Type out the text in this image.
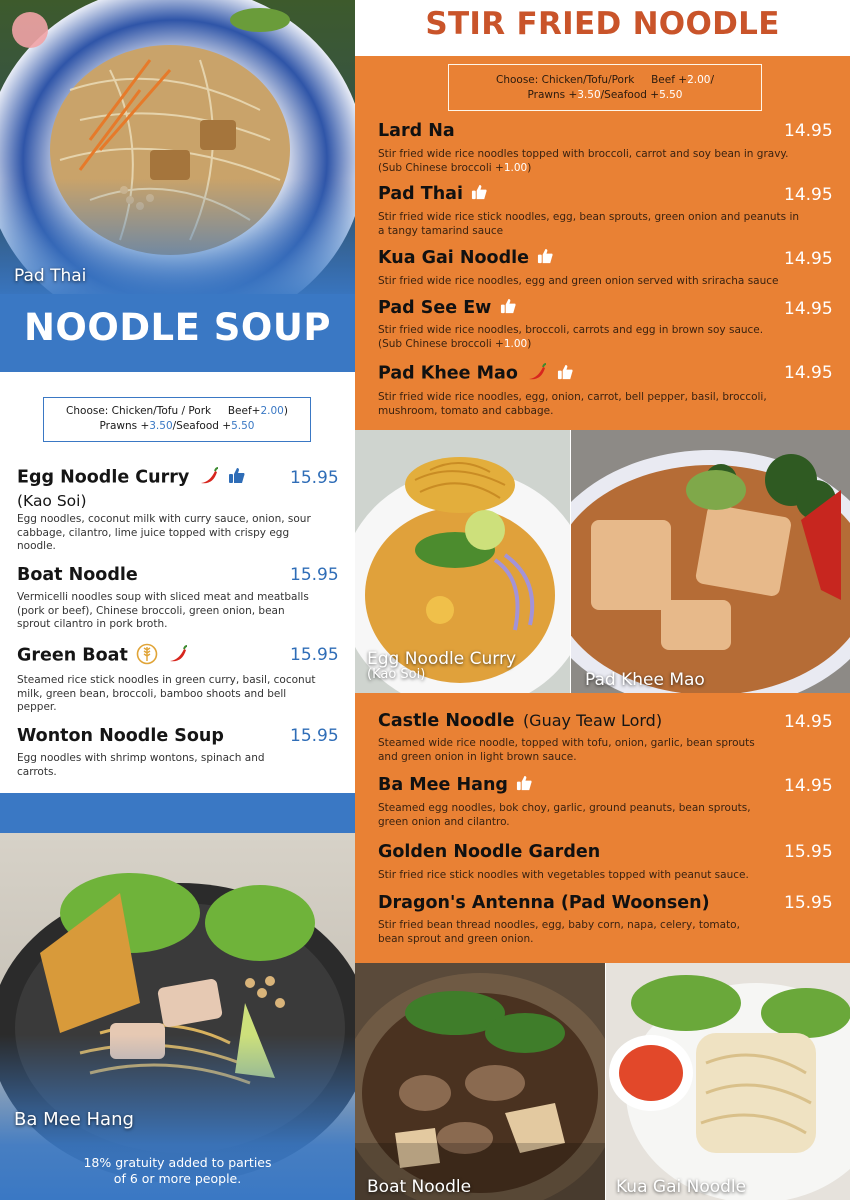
Pad Thai
NOODLE SOUP
Choose: Chicken/Tofu / Pork Beef+2.00)
Prawns +3.50/Seafood +5.50
Egg Noodle Curry
(Kao Soi)
Egg noodles, coconut milk with curry sauce, onion, sour cabbage, cilantro, lime juice topped with crispy egg noodle.
15.95
Boat Noodle
Vermicelli noodles soup with sliced meat and meatballs (pork or beef), Chinese broccoli, green onion, bean sprout cilantro in pork broth.
15.95
Green Boat
Steamed rice stick noodles in green curry, basil, coconut milk, green bean, broccoli, bamboo shoots and bell pepper.
15.95
Wonton Noodle Soup
Egg noodles with shrimp wontons, spinach and carrots.
15.95
Ba Mee Hang
18% gratuity added to parties
of 6 or more people.
STIR FRIED NOODLE
Choose: Chicken/Tofu/Pork Beef +2.00/
Prawns +3.50/Seafood +5.50
Lard Na
Stir fried wide rice noodles topped with broccoli, carrot and soy bean in gravy.
(Sub Chinese broccoli +1.00)
14.95
Pad Thai
Stir fried wide rice stick noodles, egg, bean sprouts, green onion and peanuts in
a tangy tamarind sauce
14.95
Kua Gai Noodle
Stir fried wide rice noodles, egg and green onion served with sriracha sauce
14.95
Pad See Ew
Stir fried wide rice noodles, broccoli, carrots and egg in brown soy sauce.
(Sub Chinese broccoli +1.00)
14.95
Pad Khee Mao
Stir fried wide rice noodles, egg, onion, carrot, bell pepper, basil, broccoli,
mushroom, tomato and cabbage.
14.95
Egg Noodle Curry
(Kao Soi)	Pad Khee Mao
Castle Noodle (Guay Teaw Lord)
Steamed wide rice noodle, topped with tofu, onion, garlic, bean sprouts
and green onion in light brown sauce.
14.95
Ba Mee Hang
Steamed egg noodles, bok choy, garlic, ground peanuts, bean sprouts,
green onion and cilantro.
14.95
Golden Noodle Garden
Stir fried rice stick noodles with vegetables topped with peanut sauce.
15.95
Dragon's Antenna (Pad Woonsen)
Stir fried bean thread noodles, egg, baby corn, napa, celery, tomato,
bean sprout and green onion.
15.95
Boat Noodle	Kua Gai Noodle
